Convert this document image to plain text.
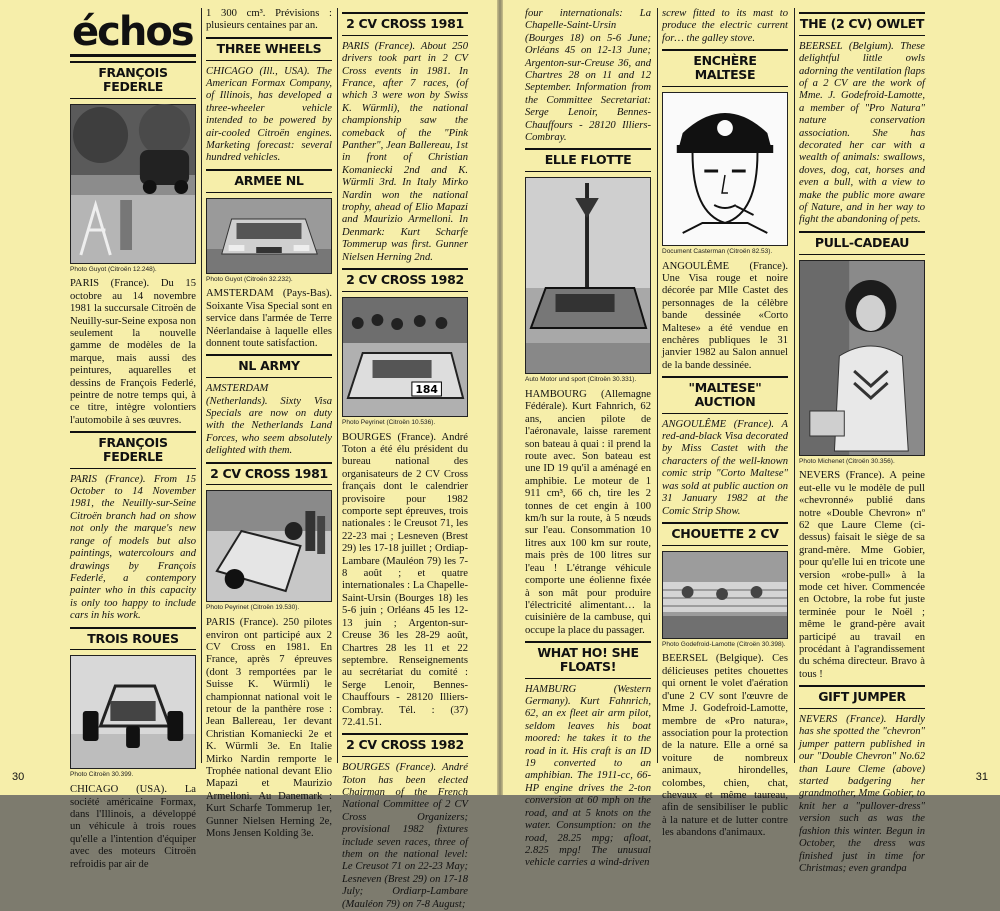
échos
FRANÇOIS FEDERLE
Photo Guyot (Citroën 12.248).

PARIS (France). Du 15 octobre au 14 novembre 1981 la succursale Citroën de Neuilly-sur-Seine exposa non seulement la nouvelle gamme de modèles de la marque, mais aussi des peintures, aquarelles et dessins de François Federlé, peintre de notre temps qui, à ce titre, intègre volontiers l'automobile à ses œuvres.

FRANÇOIS FEDERLE

PARIS (France). From 15 October to 14 November 1981, the Neuilly-sur-Seine Citroën branch had on show not only the marque's new range of models but also paintings, watercolours and drawings by François Federlé, a contempory painter who in this capacity is only too happy to include cars in his work.

TROIS ROUES
Photo Citroën 30.399.

CHICAGO (USA). La société américaine Formax, dans l'Illinois, a développé un véhicule à trois roues qu'elle a l'intention d'équiper avec des moteurs Citroën refroidis par air de

1 300 cm³. Prévisions : plusieurs centaines par an.

THREE WHEELS

CHICAGO (Ill., USA). The American Formax Company, of Illinois, has developed a three-wheeler vehicle intended to be powered by air-cooled Citroën engines. Marketing forecast: several hundred vehicles.

ARMEE NL
Photo Guyot (Citroën 32.232).

AMSTERDAM (Pays-Bas). Soixante Visa Special sont en service dans l'armée de Terre Néerlandaise à laquelle elles donnent toute satisfaction.

NL ARMY

AMSTERDAM (Netherlands). Sixty Visa Specials are now on duty with the Netherlands Land Forces, who seem absolutely delighted with them.

2 CV CROSS 1981
Photo Peyrinet (Citroën 19.530).

PARIS (France). 250 pilotes environ ont participé aux 2 CV Cross en 1981. En France, après 7 épreuves (dont 3 remportées par le Suisse K. Würmli) le championnat national voit le retour de la panthère rose : Jean Ballereau, 1er devant Christian Komaniecki 2e et K. Würmli 3e. En Italie Mirko Nardin remporte le Trophée national devant Elio Mapazi et Maurizio Armellonì. Au Danemark : Kurt Scharfe Tommerup 1er, Gunner Nielsen Herning 2e, Mons Jensen Kolding 3e.

2 CV CROSS 1981

PARIS (France). About 250 drivers took part in 2 CV Cross events in 1981. In France, after 7 races, (of which 3 were won by Swiss K. Würmli), the national championship saw the comeback of the "Pink Panther", Jean Ballereau, 1st in front of Christian Komaniecki 2nd and K. Würmli 3rd. In Italy Mirko Nardin won the national trophy, ahead of Elio Mapazi and Maurizio Armelloni. In Denmark: Kurt Scharfe Tommerup was first. Gunner Nielsen Herning 2nd.

2 CV CROSS 1982
184
Photo Peyrinet (Citroën 10.536).

BOURGES (France). André Toton a été élu président du bureau national des organisateurs de 2 CV Cross français dont le calendrier provisoire pour 1982 comporte sept épreuves, trois nationales : le Creusot 71, les 22-23 mai ; Lesneven (Brest 29) les 17-18 juillet ; Ordiap-Lambare (Mauléon 79) les 7-8 août ; et quatre internationales : La Chapelle-Saint-Ursin (Bourges 18) les 5-6 juin ; Orléans 45 les 12-13 juin ; Argenton-sur-Creuse 36 les 28-29 août, Chartres 28 les 11 et 22 septembre. Renseignements au secrétariat du comité : Serge Lenoir, Bennes-Chauffours - 28120 Illiers-Combray. Tél. : (37) 72.41.51.

2 CV CROSS 1982

BOURGES (France). André Toton has been elected Chairman of the French National Committee of 2 CV Cross Organizers; provisional 1982 fixtures include seven races, three of them on the national level: Le Creusot 71 on 22-23 May; Lesneven (Brest 29) on 17-18 July; Ordiarp-Lambare (Mauléon 79) on 7-8 August;

30

four internationals: La Chapelle-Saint-Ursin (Bourges 18) on 5-6 June; Orléans 45 on 12-13 June; Argenton-sur-Creuse 36, and Chartres 28 on 11 and 12 September. Information from the Committee Secretariat: Serge Lenoir, Bennes-Chauffours - 28120 Illiers-Combray.

ELLE FLOTTE
Auto Motor und sport (Citroën 30.331).

HAMBOURG (Allemagne Fédérale). Kurt Fahnrich, 62 ans, ancien pilote de l'aéronavale, laisse rarement son bateau à quai : il prend la route avec. Son bateau est une ID 19 qu'il a aménagé en amphibie. Le moteur de 1 911 cm³, 66 ch, tire les 2 tonnes de cet engin à 100 km/h sur la route, à 5 nœuds sur l'eau. Consommation 10 litres aux 100 km sur route, mais près de 100 litres sur l'eau ! L'étrange véhicule comporte une éolienne fixée à son mât pour produire l'électricité alimentant… la cuisinière de la cambuse, qui occupe la place du passager.

WHAT HO! SHE FLOATS!

HAMBURG (Western Germany). Kurt Fahnrich, 62, an ex fleet air arm pilot, seldom leaves his boat moored: he takes it to the road in it. His craft is an ID 19 converted to an amphibian. The 1911-cc, 66-HP engine drives the 2-ton conversion at 60 mph on the road, and at 5 knots on the water. Consumption: on the road, 28.25 mpg; afloat, 2.825 mpg! The unusual vehicle carries a wind-driven

screw fitted to its mast to produce the electric current for… the galley stove.

ENCHÈRE MALTESE
Document Casterman (Citroën 82.53).

ANGOULÊME (France). Une Visa rouge et noire décorée par Mlle Castet des personnages de la célèbre bande dessinée «Corto Maltese» a été vendue en enchères publiques le 31 janvier 1982 au Salon annuel de la bande dessinée.

"MALTESE" AUCTION

ANGOULÊME (France). A red-and-black Visa decorated by Miss Castet with the characters of the well-known comic strip "Corto Maltese" was sold at public auction on 31 January 1982 at the Comic Strip Show.

CHOUETTE 2 CV
Photo Godefroid-Lamotte (Citroën 30.398).

BEERSEL (Belgique). Ces délicieuses petites chouettes qui ornent le volet d'aération d'une 2 CV sont l'œuvre de Mme J. Godefroid-Lamotte, membre de «Pro natura», association pour la protection de la nature. Elle a orné sa voiture de nombreux animaux, hirondelles, colombes, chien, chat, chevaux et même taureau, afin de sensibiliser le public à la nature et de lutter contre les abandons d'animaux.

THE (2 CV) OWLET

BEERSEL (Belgium). These delightful little owls adorning the ventilation flaps of a 2 CV are the work of Mme. J. Godefroid-Lamotte, a member of "Pro Natura" nature conservation association. She has decorated her car with a wealth of animals: swallows, doves, dog, cat, horses and even a bull, with a view to make the public more aware of Nature, and in her way to fight the abandoning of pets.

PULL-CADEAU
Photo Michenet (Citroën 30.356).

NEVERS (France). A peine eut-elle vu le modèle de pull «chevronné» publié dans notre «Double Chevron» nº 62 que Laure Cleme (ci-dessus) faisait le siège de sa grand-mère. Mme Gobier, pour qu'elle lui en tricote une version «robe-pull» à la mode cet hiver. Commencée en Octobre, la robe fut juste terminée pour le Noël ; même le grand-père avait participé au travail en procédant à l'agrandissement du schéma directeur. Bravo à tous !

GIFT JUMPER

NEVERS (France). Hardly has she spotted the "chevron" jumper pattern published in our "Double Chevron" No.62 than Laure Cleme (above) started badgering her grandmother, Mme Gobier, to knit her a "pullover-dress" version such as was the fashion this winter. Begun in October, the dress was finished just in time for Christmas; even grandpa

31
